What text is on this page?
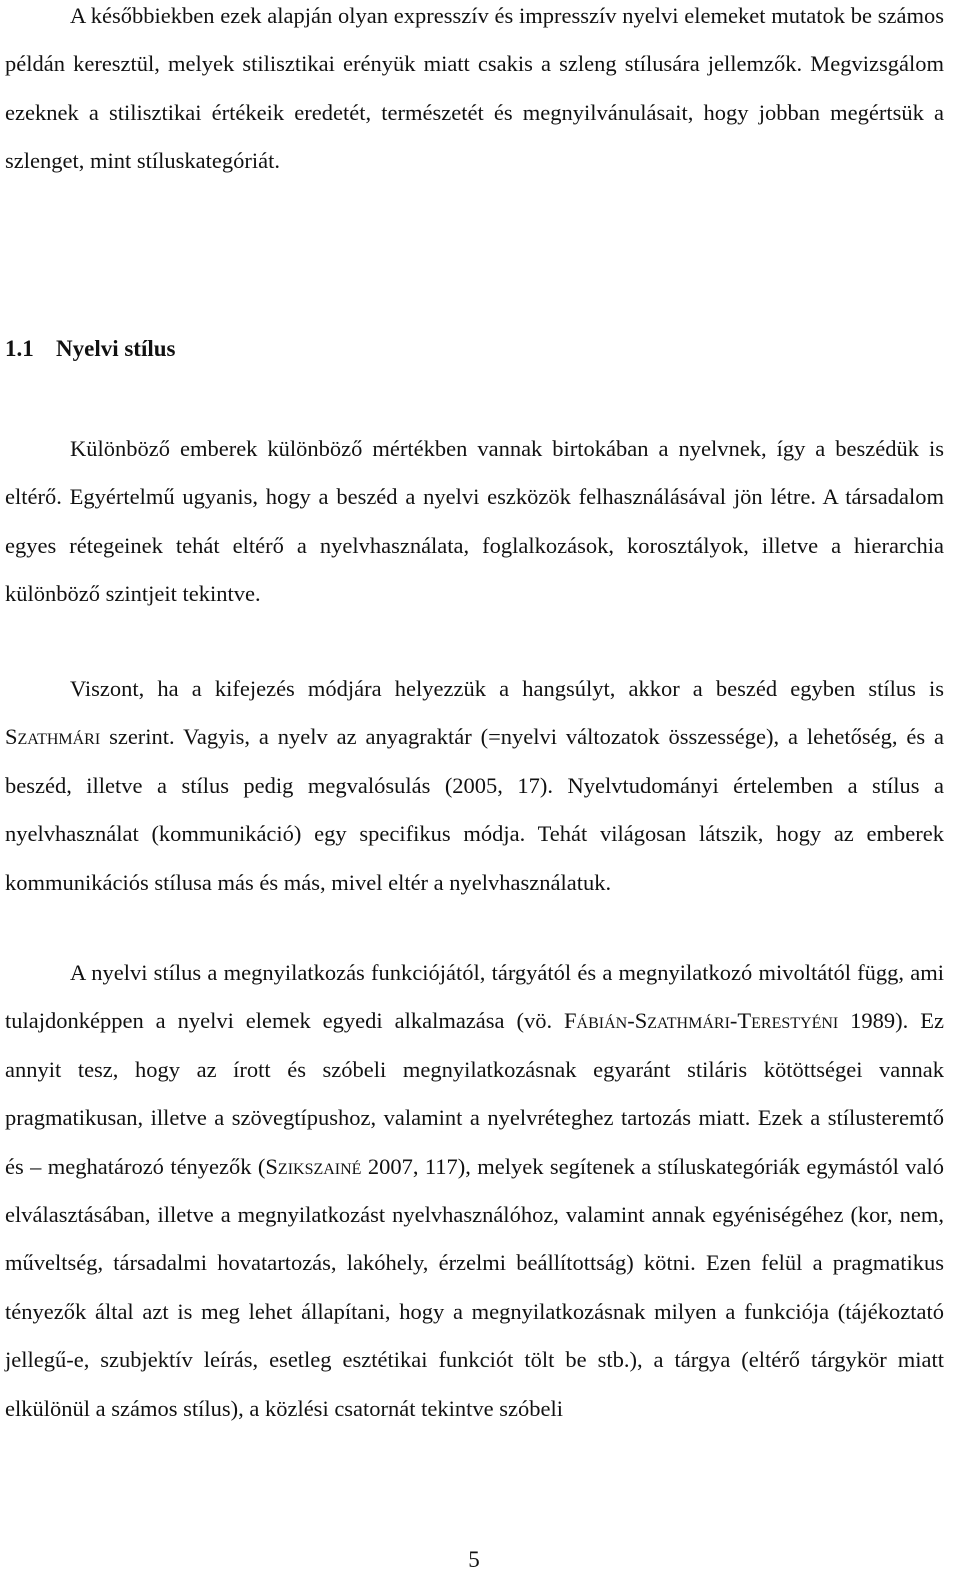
A későbbiekben ezek alapján olyan expresszív és impresszív nyelvi elemeket mutatok be számos példán keresztül, melyek stilisztikai erényük miatt csakis a szleng stílusára jellemzők. Megvizsgálom ezeknek a stilisztikai értékeik eredetét, természetét és megnyilvánulásait, hogy jobban megértsük a szlenget, mint stíluskategóriát.

1.1 Nyelvi stílus

Különböző emberek különböző mértékben vannak birtokában a nyelvnek, így a beszédük is eltérő. Egyértelmű ugyanis, hogy a beszéd a nyelvi eszközök felhasználásával jön létre. A társadalom egyes rétegeinek tehát eltérő a nyelvhasználata, foglalkozások, korosztályok, illetve a hierarchia különböző szintjeit tekintve.

Viszont, ha a kifejezés módjára helyezzük a hangsúlyt, akkor a beszéd egyben stílus is Szathmári szerint. Vagyis, a nyelv az anyagraktár (=nyelvi változatok összessége), a lehetőség, és a beszéd, illetve a stílus pedig megvalósulás (2005, 17). Nyelvtudományi értelemben a stílus a nyelvhasználat (kommunikáció) egy specifikus módja. Tehát világosan látszik, hogy az emberek kommunikációs stílusa más és más, mivel eltér a nyelvhasználatuk.

A nyelvi stílus a megnyilatkozás funkciójától, tárgyától és a megnyilatkozó mivoltától függ, ami tulajdonképpen a nyelvi elemek egyedi alkalmazása (vö. Fábián-Szathmári-Terestyéni 1989). Ez annyit tesz, hogy az írott és szóbeli megnyilatkozásnak egyaránt stiláris kötöttségei vannak pragmatikusan, illetve a szövegtípushoz, valamint a nyelvréteghez tartozás miatt. Ezek a stílusteremtő és – meghatározó tényezők (Szikszainé 2007, 117), melyek segítenek a stíluskategóriák egymástól való elválasztásában, illetve a megnyilatkozást nyelvhasználóhoz, valamint annak egyéniségéhez (kor, nem, műveltség, társadalmi hovatartozás, lakóhely, érzelmi beállítottság) kötni. Ezen felül a pragmatikus tényezők által azt is meg lehet állapítani, hogy a megnyilatkozásnak milyen a funkciója (tájékoztató jellegű-e, szubjektív leírás, esetleg esztétikai funkciót tölt be stb.), a tárgya (eltérő tárgykör miatt elkülönül a számos stílus), a közlési csatornát tekintve szóbeli

5
